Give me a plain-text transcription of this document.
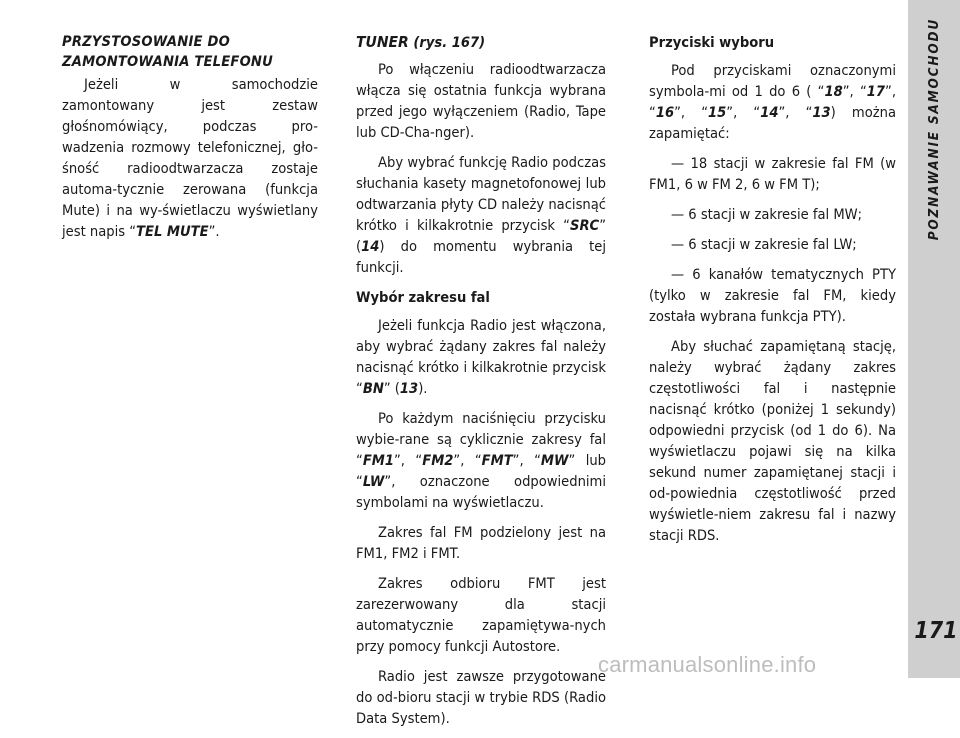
PRZYSTOSOWANIE DO ZAMONTOWANIA TELEFONU

Jeżeli w samochodzie zamontowany jest zestaw głośnomówiący, podczas pro-wadzenia rozmowy telefonicznej, gło-śność radioodtwarzacza zostaje automa-tycznie zerowana (funkcja Mute) i na wy-świetlaczu wyświetlany jest napis “TEL MUTE”.

TUNER (rys. 167)

Po włączeniu radioodtwarzacza włącza się ostatnia funkcja wybrana przed jego wyłączeniem (Radio, Tape lub CD-Cha-nger).

Aby wybrać funkcję Radio podczas słuchania kasety magnetofonowej lub odtwarzania płyty CD należy nacisnąć krótko i kilkakrotnie przycisk “SRC” (14) do momentu wybrania tej funkcji.

Wybór zakresu fal

Jeżeli funkcja Radio jest włączona, aby wybrać żądany zakres fal należy nacisnąć krótko i kilkakrotnie przycisk “BN” (13).

Po każdym naciśnięciu przycisku wybie-rane są cyklicznie zakresy fal “FM1”, “FM2”, “FMT”, “MW” lub “LW”, oznaczone odpowiednimi symbolami na wyświetlaczu.

Zakres fal FM podzielony jest na FM1, FM2 i FMT.

Zakres odbioru FMT jest zarezerwowany dla stacji automatycznie zapamiętywa-nych przy pomocy funkcji Autostore.

Radio jest zawsze przygotowane do od-bioru stacji w trybie RDS (Radio Data System).

Przyciski wyboru

Pod przyciskami oznaczonymi symbola-mi od 1 do 6 ( “18”, “17”, “16”, “15”, “14”, “13) można zapamiętać:

— 18 stacji w zakresie fal FM (w FM1, 6 w FM 2, 6 w FM T);

— 6 stacji w zakresie fal MW;

— 6 stacji w zakresie fal LW;

— 6 kanałów tematycznych PTY (tylko w zakresie fal FM, kiedy została wybrana funkcja PTY).

Aby słuchać zapamiętaną stację, należy wybrać żądany zakres częstotliwości fal i następnie nacisnąć krótko (poniżej 1 sekundy) odpowiedni przycisk (od 1 do 6). Na wyświetlaczu pojawi się na kilka sekund numer zapamiętanej stacji i od-powiednia częstotliwość przed wyświetle-niem zakresu fal i nazwy stacji RDS.

POZNAWANIE SAMOCHODU
171
carmanualsonline.info
